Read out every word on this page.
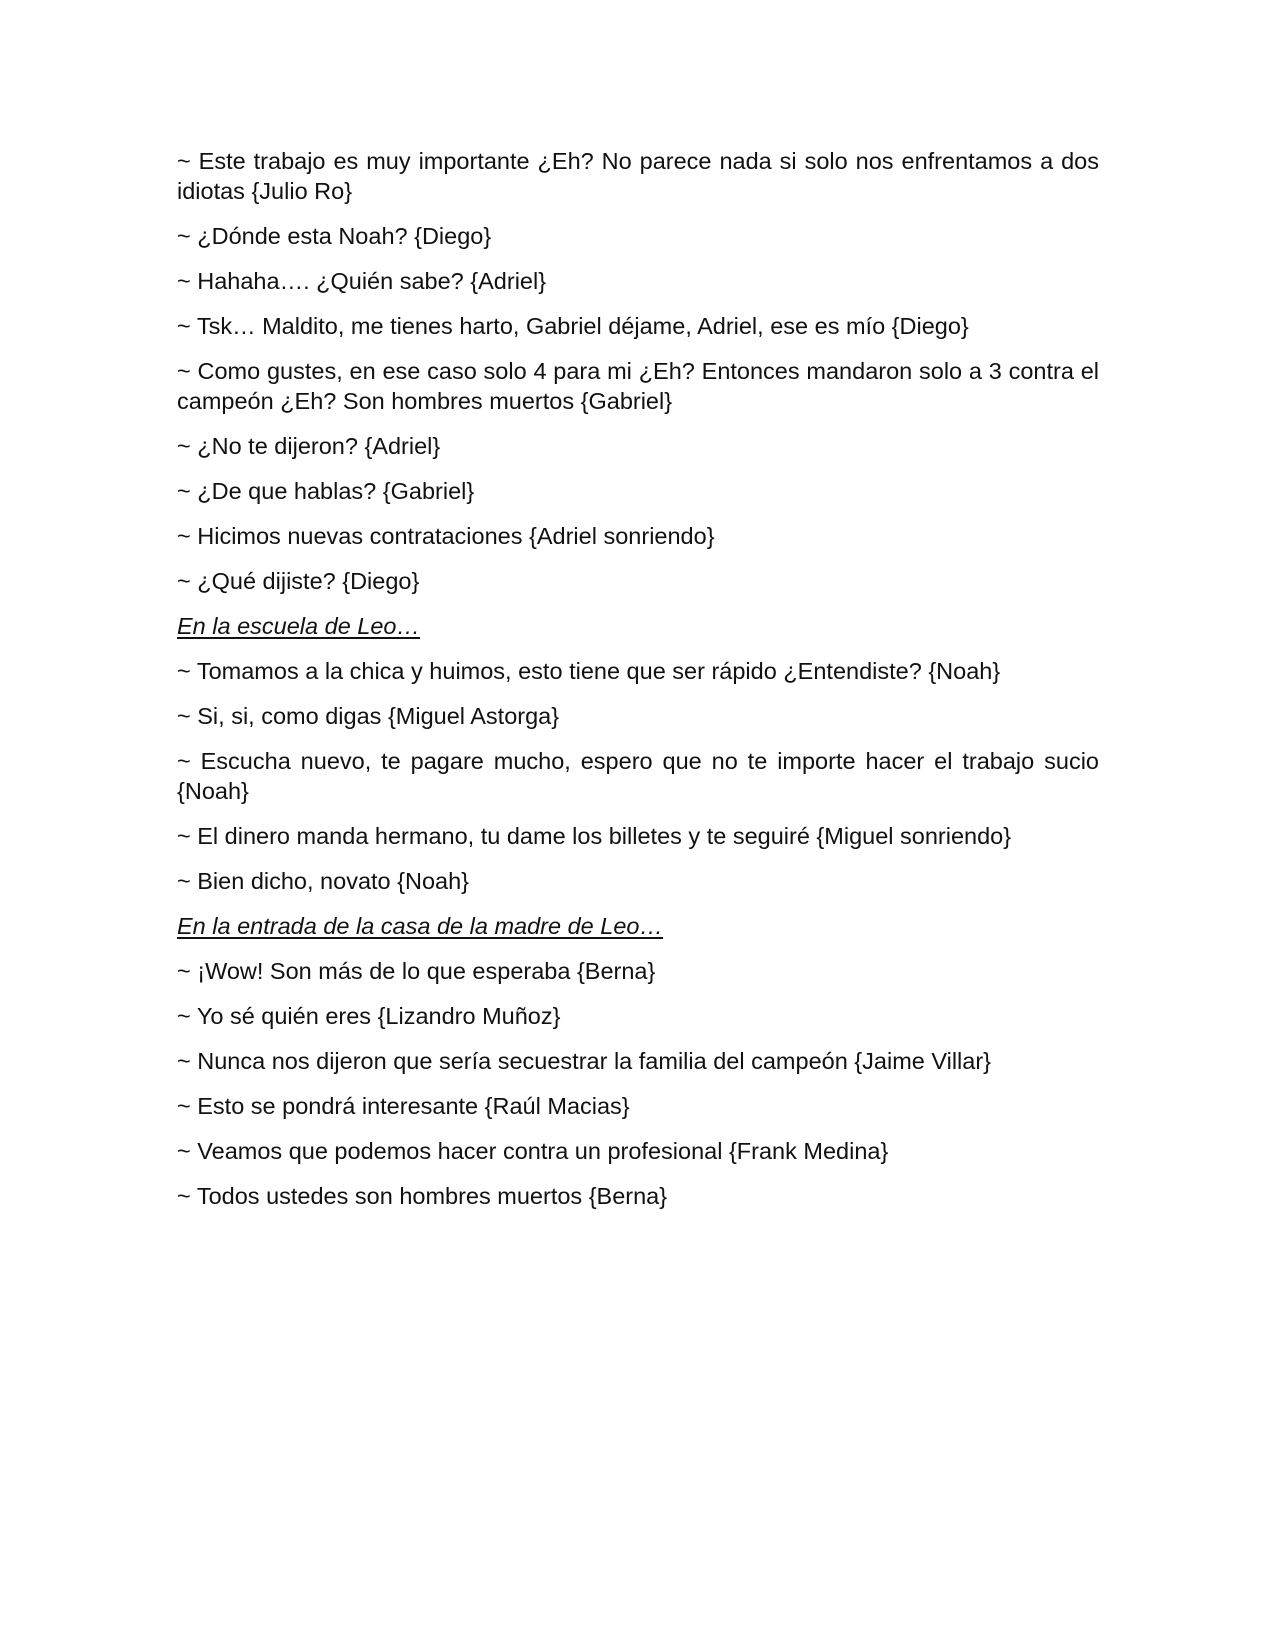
~ Este trabajo es muy importante ¿Eh? No parece nada si solo nos enfrentamos a dos idiotas {Julio Ro}

~ ¿Dónde esta Noah? {Diego}

~ Hahaha…. ¿Quién sabe? {Adriel}

~ Tsk… Maldito, me tienes harto, Gabriel déjame, Adriel, ese es mío {Diego}

~ Como gustes, en ese caso solo 4 para mi ¿Eh? Entonces mandaron solo a 3 contra el campeón ¿Eh? Son hombres muertos {Gabriel}

~ ¿No te dijeron? {Adriel}

~ ¿De que hablas? {Gabriel}

~ Hicimos nuevas contrataciones {Adriel sonriendo}

~ ¿Qué dijiste? {Diego}

En la escuela de Leo…

~ Tomamos a la chica y huimos, esto tiene que ser rápido ¿Entendiste? {Noah}

~ Si, si, como digas {Miguel Astorga}

~ Escucha nuevo, te pagare mucho, espero que no te importe hacer el trabajo sucio {Noah}

~ El dinero manda hermano, tu dame los billetes y te seguiré {Miguel sonriendo}

~ Bien dicho, novato {Noah}

En la entrada de la casa de la madre de Leo…

~ ¡Wow! Son más de lo que esperaba {Berna}

~ Yo sé quién eres {Lizandro Muñoz}

~ Nunca nos dijeron que sería secuestrar la familia del campeón {Jaime Villar}

~ Esto se pondrá interesante {Raúl Macias}

~ Veamos que podemos hacer contra un profesional {Frank Medina}

~ Todos ustedes son hombres muertos {Berna}
